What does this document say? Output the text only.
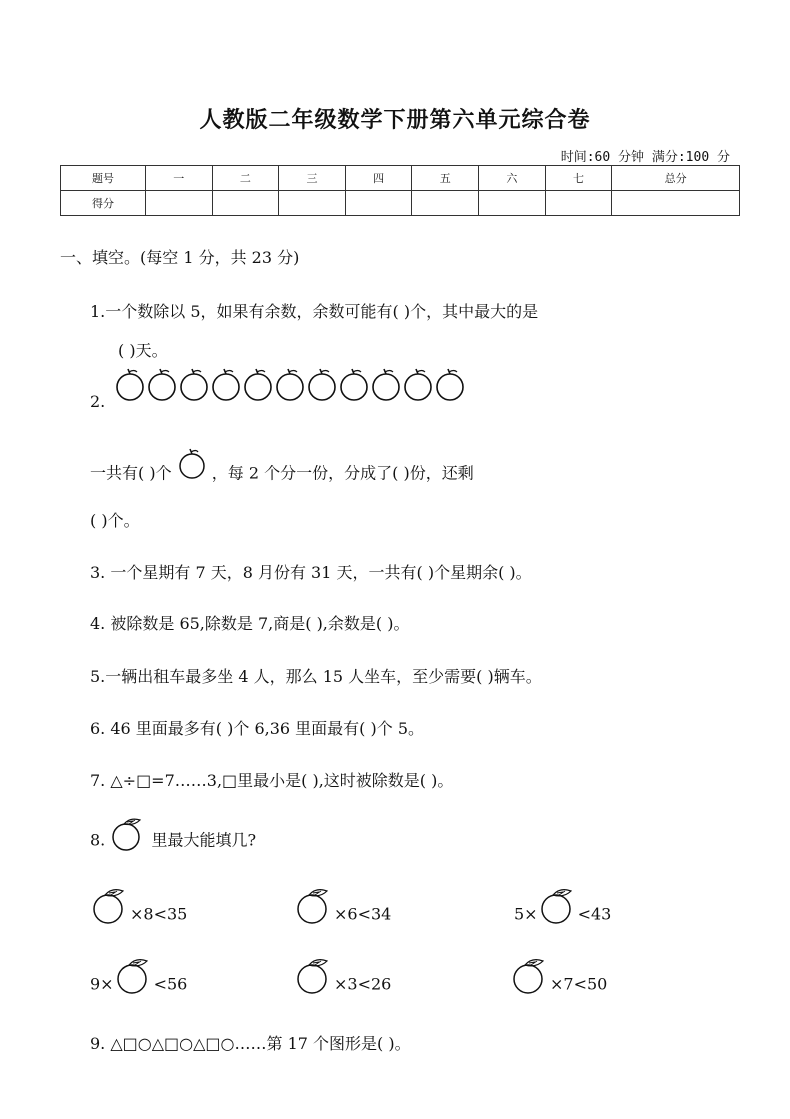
人教版二年级数学下册第六单元综合卷
时间:60 分钟 满分:100 分
题号	一	二	三	四	五	六	七	总分
得分								
一、填空。(每空 1 分，共 23 分)
1.一个数除以 5，如果有余数，余数可能有( )个，其中最大的是
( )天。
2.
一共有( )个	，每 2 个分一份，分成了( )份，还剩
( )个。
3. 一个星期有 7 天，8 月份有 31 天，一共有( )个星期余( )。
4. 被除数是 65,除数是 7,商是( ),余数是( )。
5.一辆出租车最多坐 4 人，那么 15 人坐车，至少需要( )辆车。
6. 46 里面最多有( )个 6,36 里面最有( )个 5。
7. △÷□=7……3,□里最小是( ),这时被除数是( )。
8.	里最大能填几?
×8<35	×6<34	5×	<43
9×	<56	×3<26	×7<50
9. △□○△□○△□○……第 17 个图形是( )。
